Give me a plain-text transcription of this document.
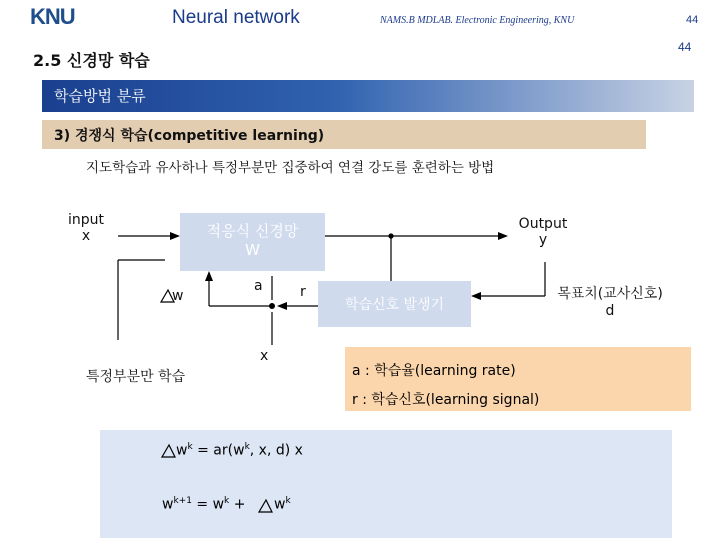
KNU	Neural network	NAMS.B MDLAB. Electronic Engineering, KNU	44
44
2.5 신경망 학습
학습방법 분류
3) 경쟁식 학습(competitive learning)
지도학습과 유사하나 특정부분만 집중하여 연결 강도를 훈련하는 방법
적응식 신경망
W
학습신호 발생기
input
x
Output
y
w
a	r
x
목표치(교사신호)
d
특정부분만 학습	a : 학습율(learning rate)
r : 학습신호(learning signal)
$w^k = ar(w^k$, x, d) x
$w^{k+1} = w^k + w^k$
